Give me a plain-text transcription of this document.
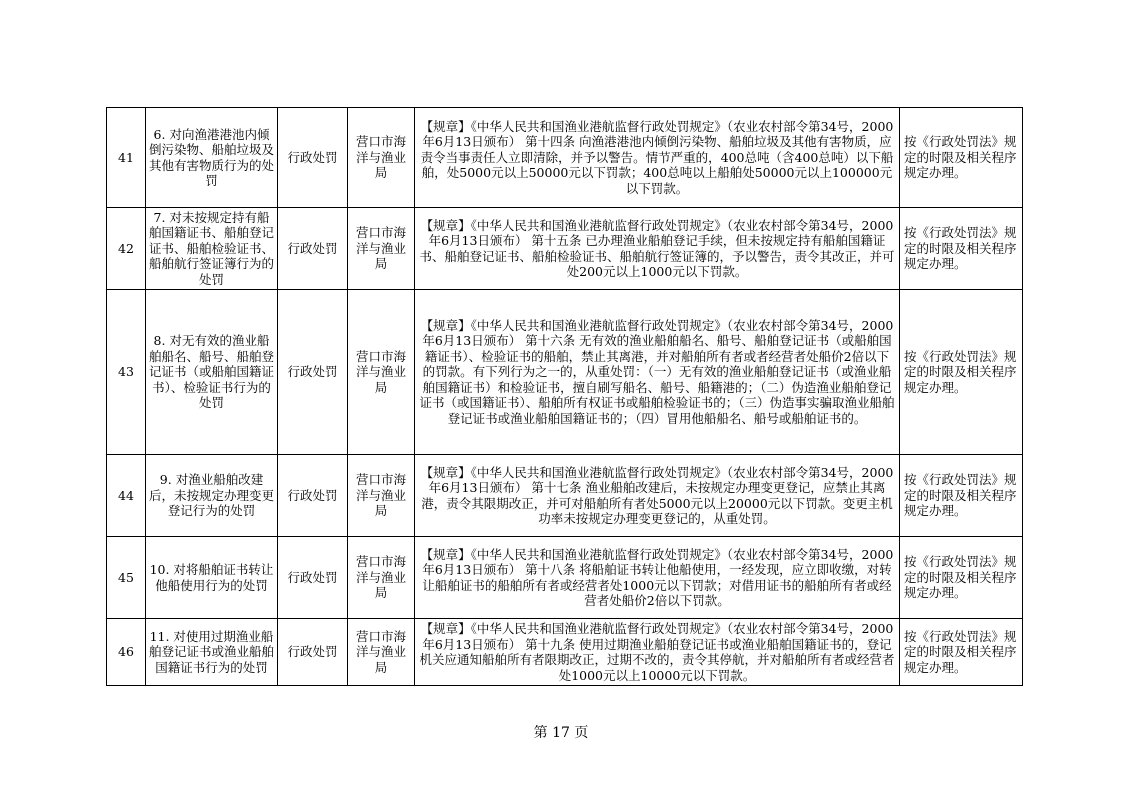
41	6. 对向渔港港池内倾倒污染物、船舶垃圾及其他有害物质行为的处罚	行政处罚	营口市海洋与渔业局	【规章】《中华人民共和国渔业港航监督行政处罚规定》（农业农村部令第34号，2000年6月13日颁布） 第十四条 向渔港港池内倾倒污染物、船舶垃圾及其他有害物质，应责令当事责任人立即清除，并予以警告。情节严重的，400总吨（含400总吨）以下船舶，处5000元以上50000元以下罚款；400总吨以上船舶处50000元以上100000元以下罚款。	按《行政处罚法》规定的时限及相关程序规定办理。
42	7. 对未按规定持有船舶国籍证书、船舶登记证书、船舶检验证书、船舶航行签证簿行为的处罚	行政处罚	营口市海洋与渔业局	【规章】《中华人民共和国渔业港航监督行政处罚规定》（农业农村部令第34号，2000年6月13日颁布） 第十五条 已办理渔业船舶登记手续，但未按规定持有船舶国籍证书、船舶登记证书、船舶检验证书、船舶航行签证簿的，予以警告，责令其改正，并可处200元以上1000元以下罚款。	按《行政处罚法》规定的时限及相关程序规定办理。
43	8. 对无有效的渔业船舶船名、船号、船舶登记证书（或船舶国籍证书）、检验证书行为的处罚	行政处罚	营口市海洋与渔业局	【规章】《中华人民共和国渔业港航监督行政处罚规定》（农业农村部令第34号，2000年6月13日颁布） 第十六条 无有效的渔业船舶船名、船号、船舶登记证书（或船舶国籍证书）、检验证书的船舶，禁止其离港，并对船舶所有者或者经营者处船价2倍以下的罚款。有下列行为之一的，从重处罚：（一）无有效的渔业船舶登记证书（或渔业船舶国籍证书）和检验证书，擅自刷写船名、船号、船籍港的；（二）伪造渔业船舶登记证书（或国籍证书）、船舶所有权证书或船舶检验证书的；（三）伪造事实骗取渔业船舶登记证书或渔业船舶国籍证书的；（四）冒用他船船名、船号或船舶证书的。	按《行政处罚法》规定的时限及相关程序规定办理。
44	9. 对渔业船舶改建后，未按规定办理变更登记行为的处罚	行政处罚	营口市海洋与渔业局	【规章】《中华人民共和国渔业港航监督行政处罚规定》（农业农村部令第34号，2000年6月13日颁布） 第十七条 渔业船舶改建后，未按规定办理变更登记，应禁止其离港，责令其限期改正，并可对船舶所有者处5000元以上20000元以下罚款。变更主机功率未按规定办理变更登记的，从重处罚。	按《行政处罚法》规定的时限及相关程序规定办理。
45	10. 对将船舶证书转让他船使用行为的处罚	行政处罚	营口市海洋与渔业局	【规章】《中华人民共和国渔业港航监督行政处罚规定》（农业农村部令第34号，2000年6月13日颁布） 第十八条 将船舶证书转让他船使用，一经发现，应立即收缴，对转让船舶证书的船舶所有者或经营者处1000元以下罚款；对借用证书的船舶所有者或经营者处船价2倍以下罚款。	按《行政处罚法》规定的时限及相关程序规定办理。
46	11. 对使用过期渔业船舶登记证书或渔业船舶国籍证书行为的处罚	行政处罚	营口市海洋与渔业局	【规章】《中华人民共和国渔业港航监督行政处罚规定》（农业农村部令第34号，2000年6月13日颁布） 第十九条 使用过期渔业船舶登记证书或渔业船舶国籍证书的，登记机关应通知船舶所有者限期改正，过期不改的，责令其停航，并对船舶所有者或经营者处1000元以上10000元以下罚款。	按《行政处罚法》规定的时限及相关程序规定办理。
第 17 页
